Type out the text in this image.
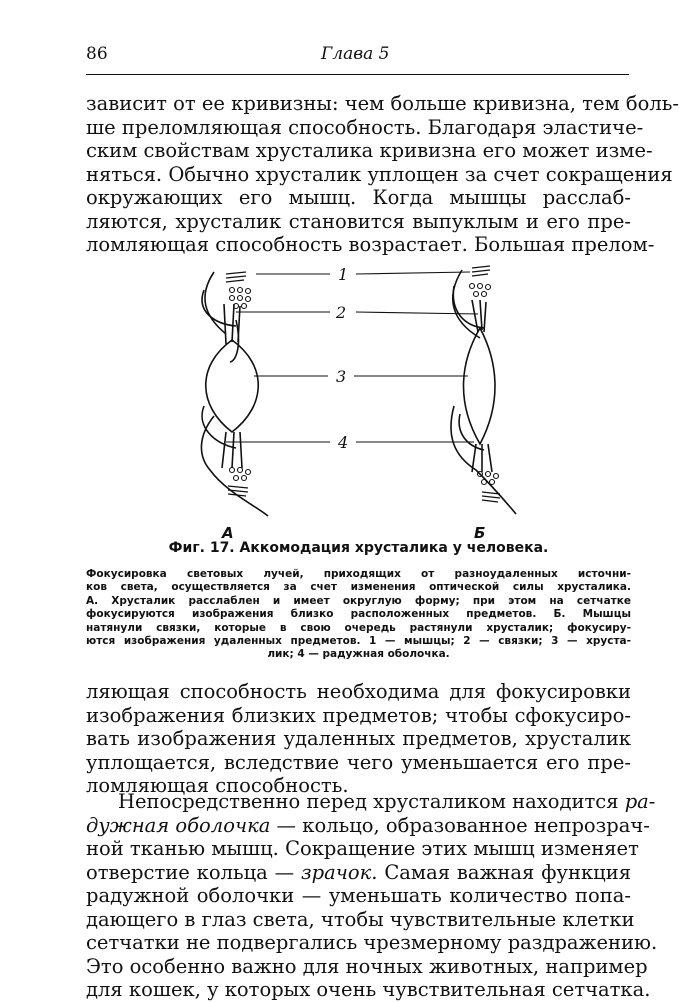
86	Глава 5
зависит от ее кривизны: чем больше кривизна, тем боль-
ше преломляющая способность. Благодаря эластиче-
ским свойствам хрусталика кривизна его может изме-
няться. Обычно хрусталик уплощен за счет сокращения
окружающих его мышц. Когда мышцы расслаб-
ляются, хрусталик становится выпуклым и его пре-
ломляющая способность возрастает. Большая прелом-
1
2
3
4
А	Б
Фиг. 17. Аккомодация хрусталика у человека.
Фокусировка световых лучей, приходящих от разноудаленных источни-
ков света, осуществляется за счет изменения оптической силы хрусталика.
А. Хрусталик расслаблен и имеет округлую форму; при этом на сетчатке
фокусируются изображения близко расположенных предметов. Б. Мышцы
натянули связки, которые в свою очередь растянули хрусталик; фокусиру-
ются изображения удаленных предметов. 1 — мышцы; 2 — связки; 3 — хруста-
лик; 4 — радужная оболочка.
ляющая способность необходима для фокусировки
изображения близких предметов; чтобы сфокусиро-
вать изображения удаленных предметов, хрусталик
уплощается, вследствие чего уменьшается его пре-
ломляющая способность.
Непосредственно перед хрусталиком находится ра-
дужная оболочка — кольцо, образованное непрозрач-
ной тканью мышц. Сокращение этих мышц изменяет
отверстие кольца — зрачок. Самая важная функция
радужной оболочки — уменьшать количество попа-
дающего в глаз света, чтобы чувствительные клетки
сетчатки не подвергались чрезмерному раздражению.
Это особенно важно для ночных животных, например
для кошек, у которых очень чувствительная сетчатка.
